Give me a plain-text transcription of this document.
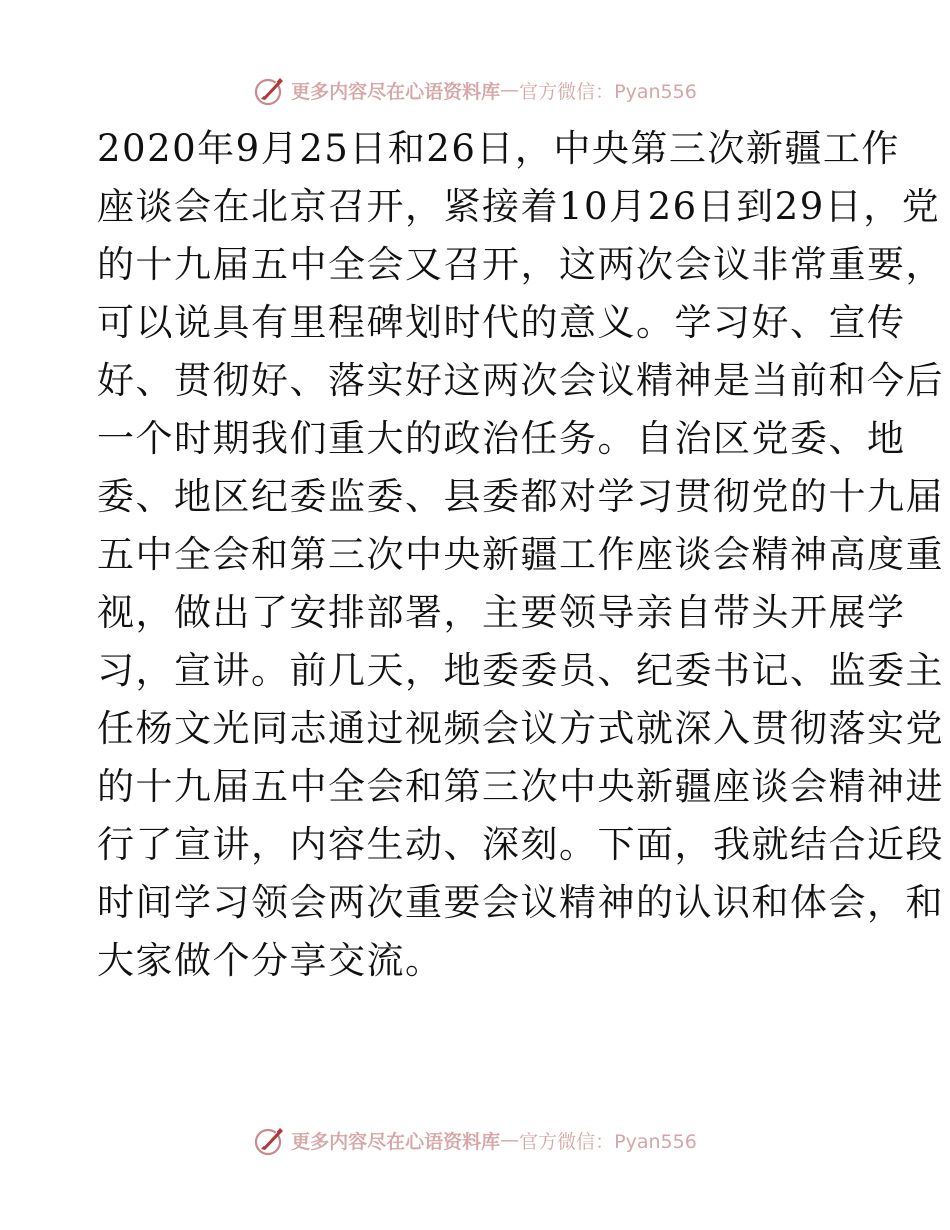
更多内容尽在心语资料库 — 官方微信：Pyan556
2020年9月25日和26日，中央第三次新疆工作
座谈会在北京召开，紧接着10月26日到29日，党
的十九届五中全会又召开，这两次会议非常重要，
可以说具有里程碑划时代的意义。学习好、宣传
好、贯彻好、落实好这两次会议精神是当前和今后
一个时期我们重大的政治任务。自治区党委、地
委、地区纪委监委、县委都对学习贯彻党的十九届
五中全会和第三次中央新疆工作座谈会精神高度重
视，做出了安排部署，主要领导亲自带头开展学
习，宣讲。前几天，地委委员、纪委书记、监委主
任杨文光同志通过视频会议方式就深入贯彻落实党
的十九届五中全会和第三次中央新疆座谈会精神进
行了宣讲，内容生动、深刻。下面，我就结合近段
时间学习领会两次重要会议精神的认识和体会，和
大家做个分享交流。
更多内容尽在心语资料库 — 官方微信：Pyan556
